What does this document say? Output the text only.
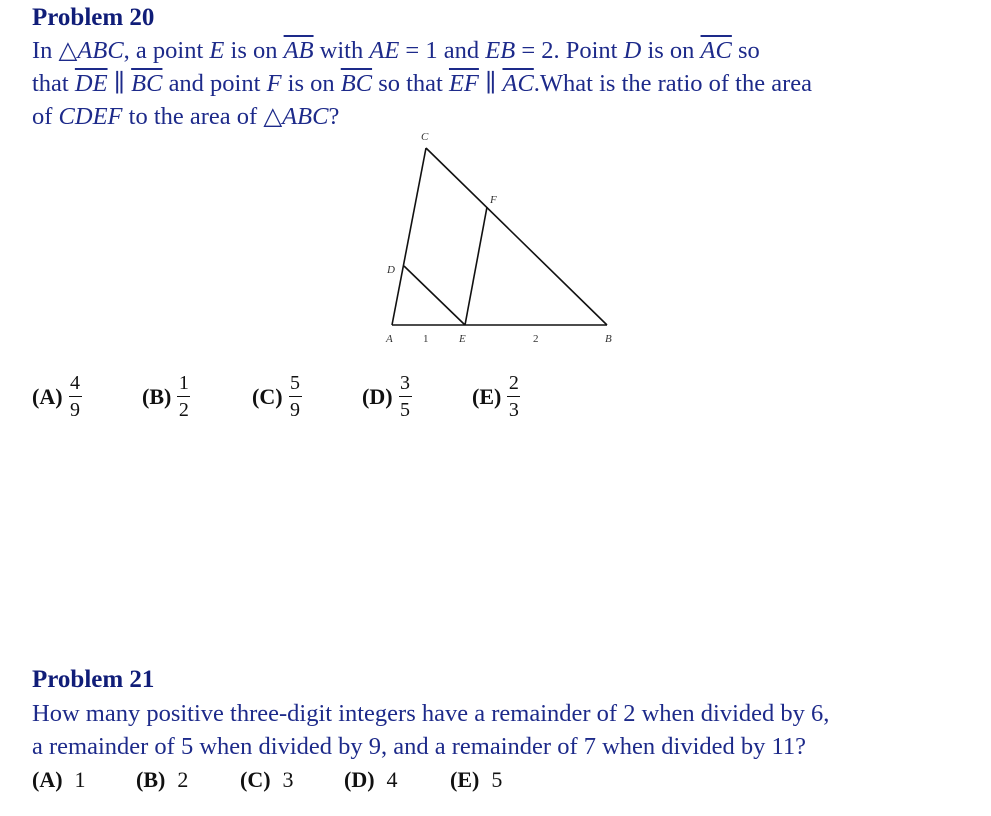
Problem 20
In △ABC, a point E is on $\overline{AB}$ with AE = 1 and EB = 2. Point D is on $\overline{AC}$ so
that $\overline{DE}$ ∥ $\overline{BC}$ and point F is on $\overline{BC}$ so that $\overline{EF}$ ∥ $\overline{AC}.What$ is the ratio of the area
of CDEF to the area of △ABC?
C
F
D
A	1	E	2	B
$(A) \frac{4}{9}$	$(B) \frac{1}{2}$	$(C) \frac{5}{9}$	$(D) \frac{3}{5}$	$(E) \frac{2}{3}$
Problem 21
How many positive three-digit integers have a remainder of 2 when divided by 6,
a remainder of 5 when divided by 9, and a remainder of 7 when divided by 11?
(A) 1 (B) 2 (C) 3 (D) 4 (E) 5
